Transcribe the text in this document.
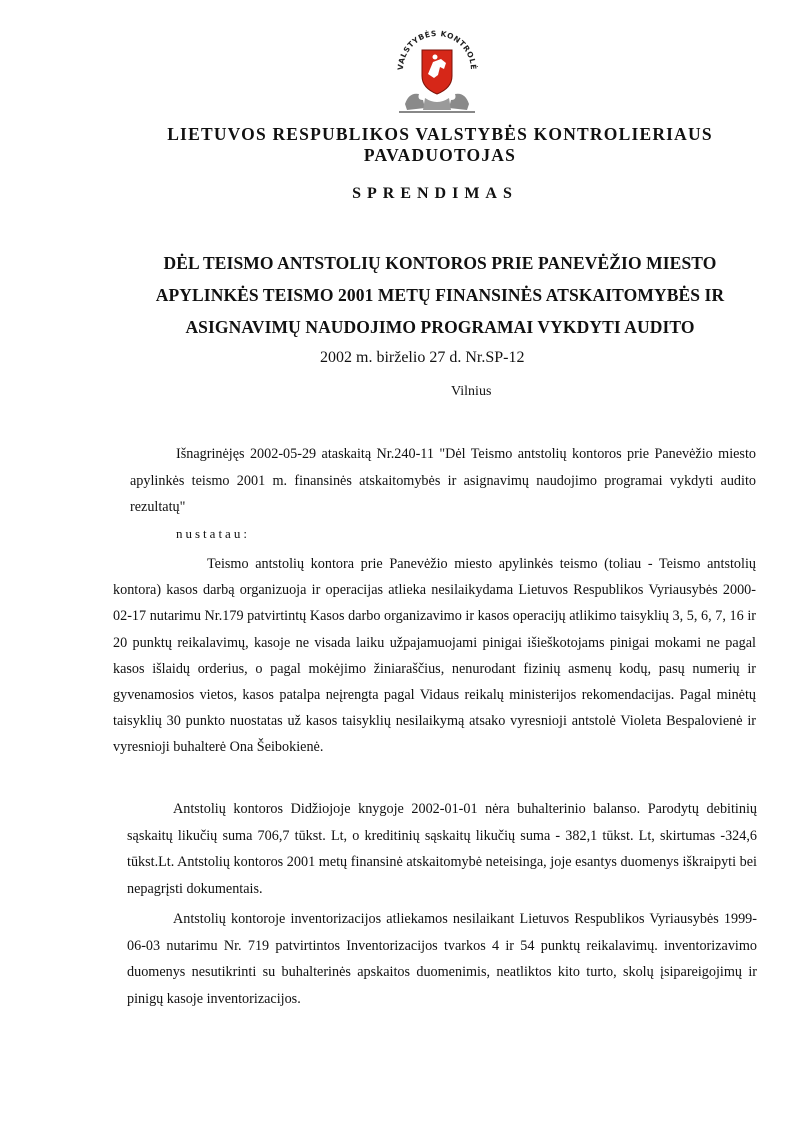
VALSTYBĖS KONTROLĖ
LIETUVOS RESPUBLIKOS VALSTYBĖS KONTROLIERIAUS PAVADUOTOJAS
SPRENDIMAS
DĖL TEISMO ANTSTOLIŲ KONTOROS PRIE PANEVĖŽIO MIESTO
APYLINKĖS TEISMO 2001 METŲ FINANSINĖS ATSKAITOMYBĖS IR
ASIGNAVIMŲ NAUDOJIMO PROGRAMAI VYKDYTI AUDITO
2002 m. birželio 27 d. Nr.SP-12
Vilnius
Išnagrinėjęs 2002-05-29 ataskaitą Nr.240-11 "Dėl Teismo antstolių kontoros prie Panevėžio miesto apylinkės teismo 2001 m. finansinės atskaitomybės ir asignavimų naudojimo programai vykdyti audito rezultatų"
nustatau:
Teismo antstolių kontora prie Panevėžio miesto apylinkės teismo (toliau - Teismo antstolių kontora) kasos darbą organizuoja ir operacijas atlieka nesilaikydama Lietuvos Respublikos Vyriausybės 2000-02-17 nutarimu Nr.179 patvirtintų Kasos darbo organizavimo ir kasos operacijų atlikimo taisyklių 3, 5, 6, 7, 16 ir 20 punktų reikalavimų, kasoje ne visada laiku užpajamuojami pinigai išieškotojams pinigai mokami ne pagal kasos išlaidų orderius, o pagal mokėjimo žiniaraščius, nenurodant fizinių asmenų kodų, pasų numerių ir gyvenamosios vietos, kasos patalpa neįrengta pagal Vidaus reikalų ministerijos rekomendacijas. Pagal minėtų taisyklių 30 punkto nuostatas už kasos taisyklių nesilaikymą atsako vyresnioji antstolė Violeta Bespalovienė ir vyresnioji buhalterė Ona Šeibokienė.
Antstolių kontoros Didžiojoje knygoje 2002-01-01 nėra buhalterinio balanso. Parodytų debitinių sąskaitų likučių suma 706,7 tūkst. Lt, o kreditinių sąskaitų likučių suma - 382,1 tūkst. Lt, skirtumas -324,6 tūkst.Lt. Antstolių kontoros 2001 metų finansinė atskaitomybė neteisinga, joje esantys duomenys iškraipyti bei nepagrįsti dokumentais.
Antstolių kontoroje inventorizacijos atliekamos nesilaikant Lietuvos Respublikos Vyriausybės 1999-06-03 nutarimu Nr. 719 patvirtintos Inventorizacijos tvarkos 4 ir 54 punktų reikalavimų. inventorizavimo duomenys nesutikrinti su buhalterinės apskaitos duomenimis, neatliktos kito turto, skolų įsipareigojimų ir pinigų kasoje inventorizacijos.
